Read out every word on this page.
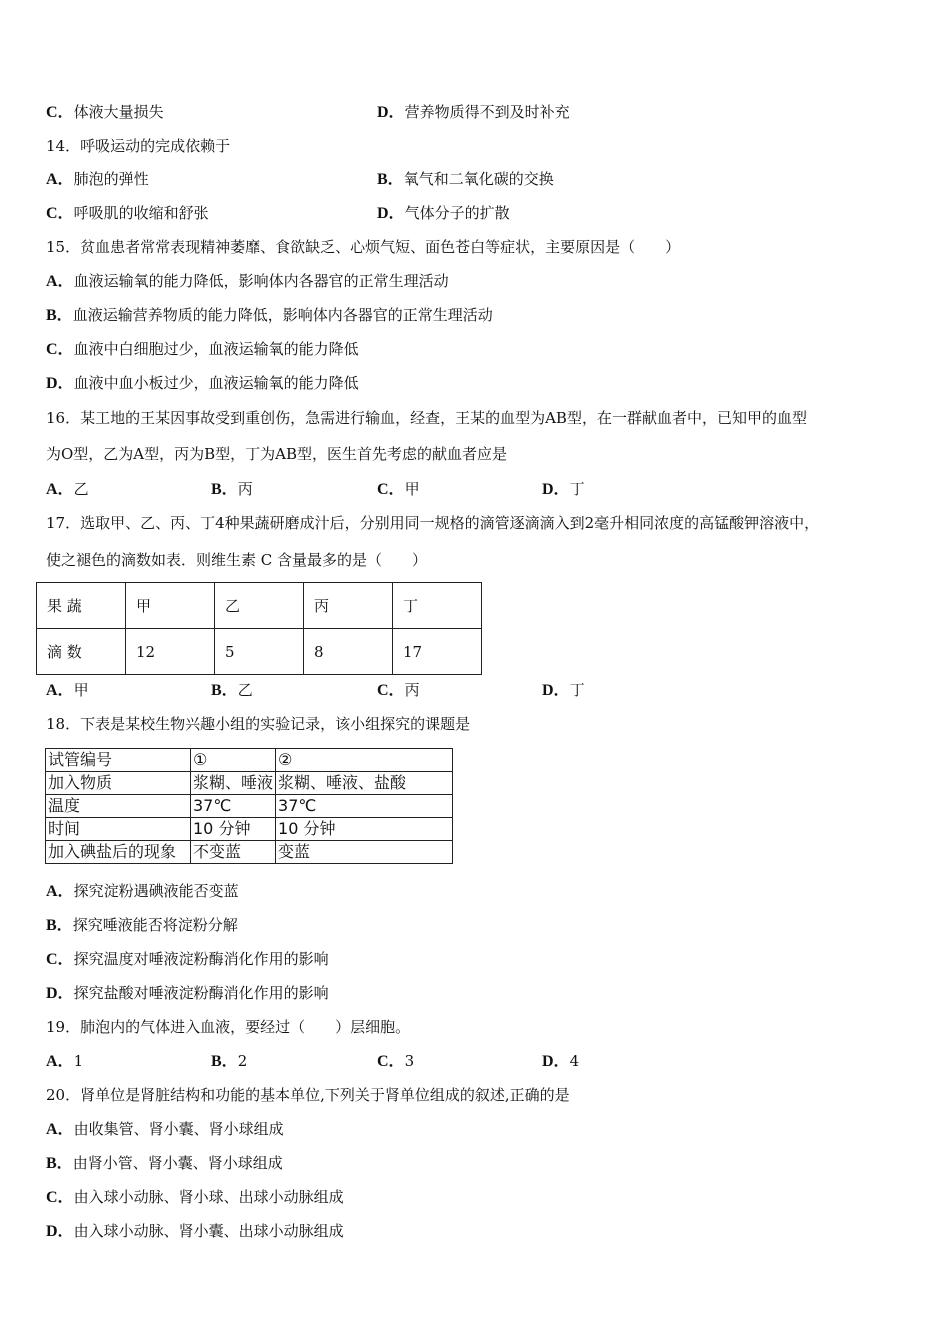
C．体液大量损失	D．营养物质得不到及时补充
14．呼吸运动的完成依赖于
A．肺泡的弹性	B．氧气和二氧化碳的交换
C．呼吸肌的收缩和舒张	D．气体分子的扩散
15．贫血患者常常表现精神萎靡、食欲缺乏、心烦气短、面色苍白等症状，主要原因是（　　）
A．血液运输氧的能力降低，影响体内各器官的正常生理活动
B．血液运输营养物质的能力降低，影响体内各器官的正常生理活动
C．血液中白细胞过少，血液运输氧的能力降低
D．血液中血小板过少，血液运输氧的能力降低
16．某工地的王某因事故受到重创伤，急需进行输血，经查，王某的血型为AB型，在一群献血者中，已知甲的血型
为O型，乙为A型，丙为B型，丁为AB型，医生首先考虑的献血者应是
A．乙	B．丙	C．甲	D．丁
17．选取甲、乙、丙、丁4种果蔬研磨成汁后，分别用同一规格的滴管逐滴滴入到2毫升相同浓度的高锰酸钾溶液中，
使之褪色的滴数如表．则维生素 C 含量最多的是（　　）
果 蔬	甲	乙	丙	丁
滴 数	12	5	8	17
A．甲	B．乙	C．丙	D．丁
18．下表是某校生物兴趣小组的实验记录，该小组探究的课题是
试管编号	①	②
加入物质	浆糊、唾液	浆糊、唾液、盐酸
温度	37℃	37℃
时间	10 分钟	10 分钟
加入碘盐后的现象	不变蓝	变蓝
A．探究淀粉遇碘液能否变蓝
B．探究唾液能否将淀粉分解
C．探究温度对唾液淀粉酶消化作用的影响
D．探究盐酸对唾液淀粉酶消化作用的影响
19．肺泡内的气体进入血液，要经过（　　）层细胞。
A．1	B．2	C．3	D．4
20．肾单位是肾脏结构和功能的基本单位,下列关于肾单位组成的叙述,正确的是
A．由收集管、肾小囊、肾小球组成
B．由肾小管、肾小囊、肾小球组成
C．由入球小动脉、肾小球、出球小动脉组成
D．由入球小动脉、肾小囊、出球小动脉组成
